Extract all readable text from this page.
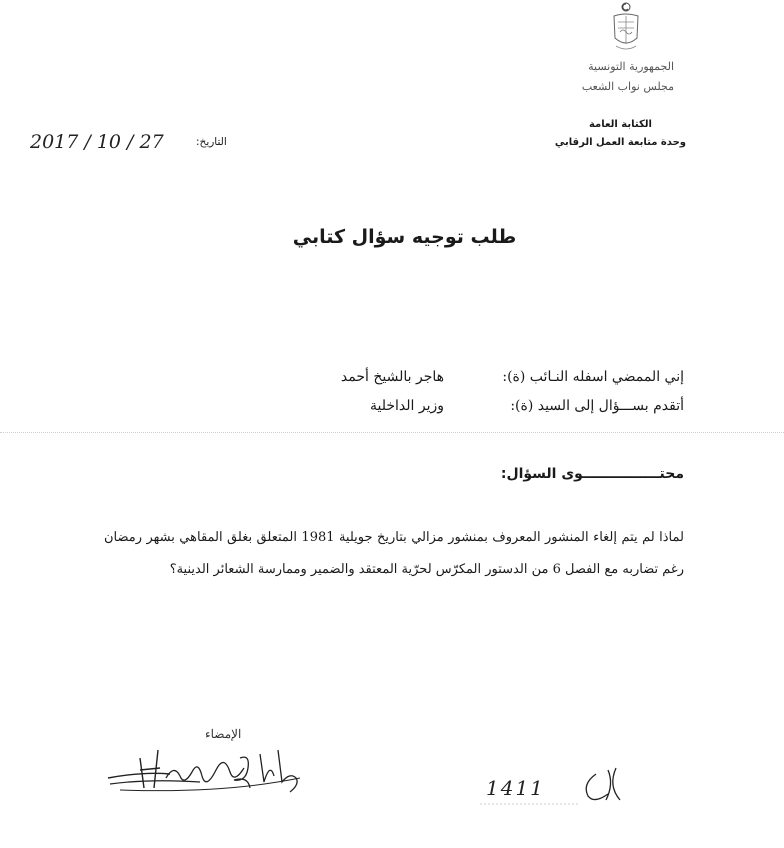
الجمهورية التونسية
مجلس نواب الشعب
الكتابة العامة
وحدة متابعة العمل الرقابي
التاريخ:
2017 / 10 / 27
طلب توجيه سؤال كتابي
إني الممضي اسفله النـائب (ة):هاجر بالشيخ أحمد
أتقدم بســـؤال إلى السيد (ة):وزير الداخلية
محتــــــــــــــــوى السؤال:
لماذا لم يتم إلغاء المنشور المعروف بمنشور مزالي بتاريخ جويلية 1981 المتعلق بغلق المقاهي بشهر رمضان رغم تضاربه مع الفصل 6 من الدستور المكرّس لحرّية المعتقد والضمير وممارسة الشعائر الدينية؟
الإمضاء
1411
